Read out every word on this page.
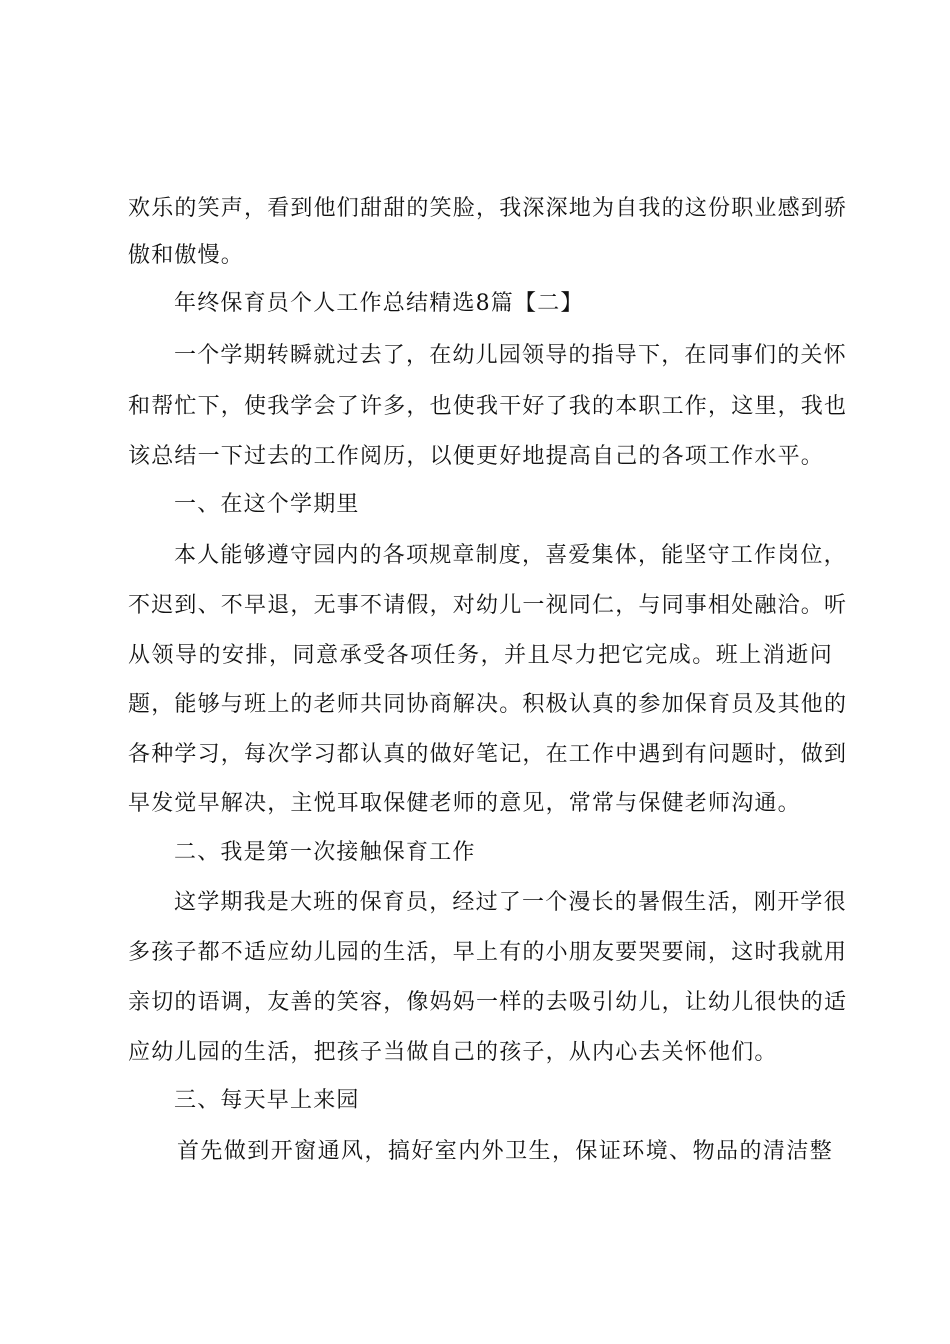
欢乐的笑声，看到他们甜甜的笑脸，我深深地为自我的这份职业感到骄
傲和傲慢。
年终保育员个人工作总结精选8篇【二】
一个学期转瞬就过去了，在幼儿园领导的指导下，在同事们的关怀
和帮忙下，使我学会了许多，也使我干好了我的本职工作，这里，我也
该总结一下过去的工作阅历，以便更好地提高自己的各项工作水平。
一、在这个学期里
本人能够遵守园内的各项规章制度，喜爱集体，能坚守工作岗位，
不迟到、不早退，无事不请假，对幼儿一视同仁，与同事相处融洽。听
从领导的安排，同意承受各项任务，并且尽力把它完成。班上消逝问
题，能够与班上的老师共同协商解决。积极认真的参加保育员及其他的
各种学习，每次学习都认真的做好笔记，在工作中遇到有问题时，做到
早发觉早解决，主悦耳取保健老师的意见，常常与保健老师沟通。
二、我是第一次接触保育工作
这学期我是大班的保育员，经过了一个漫长的暑假生活，刚开学很
多孩子都不适应幼儿园的生活，早上有的小朋友要哭要闹，这时我就用
亲切的语调，友善的笑容，像妈妈一样的去吸引幼儿，让幼儿很快的适
应幼儿园的生活，把孩子当做自己的孩子，从内心去关怀他们。
三、每天早上来园
首先做到开窗通风，搞好室内外卫生，保证环境、物品的清洁整
